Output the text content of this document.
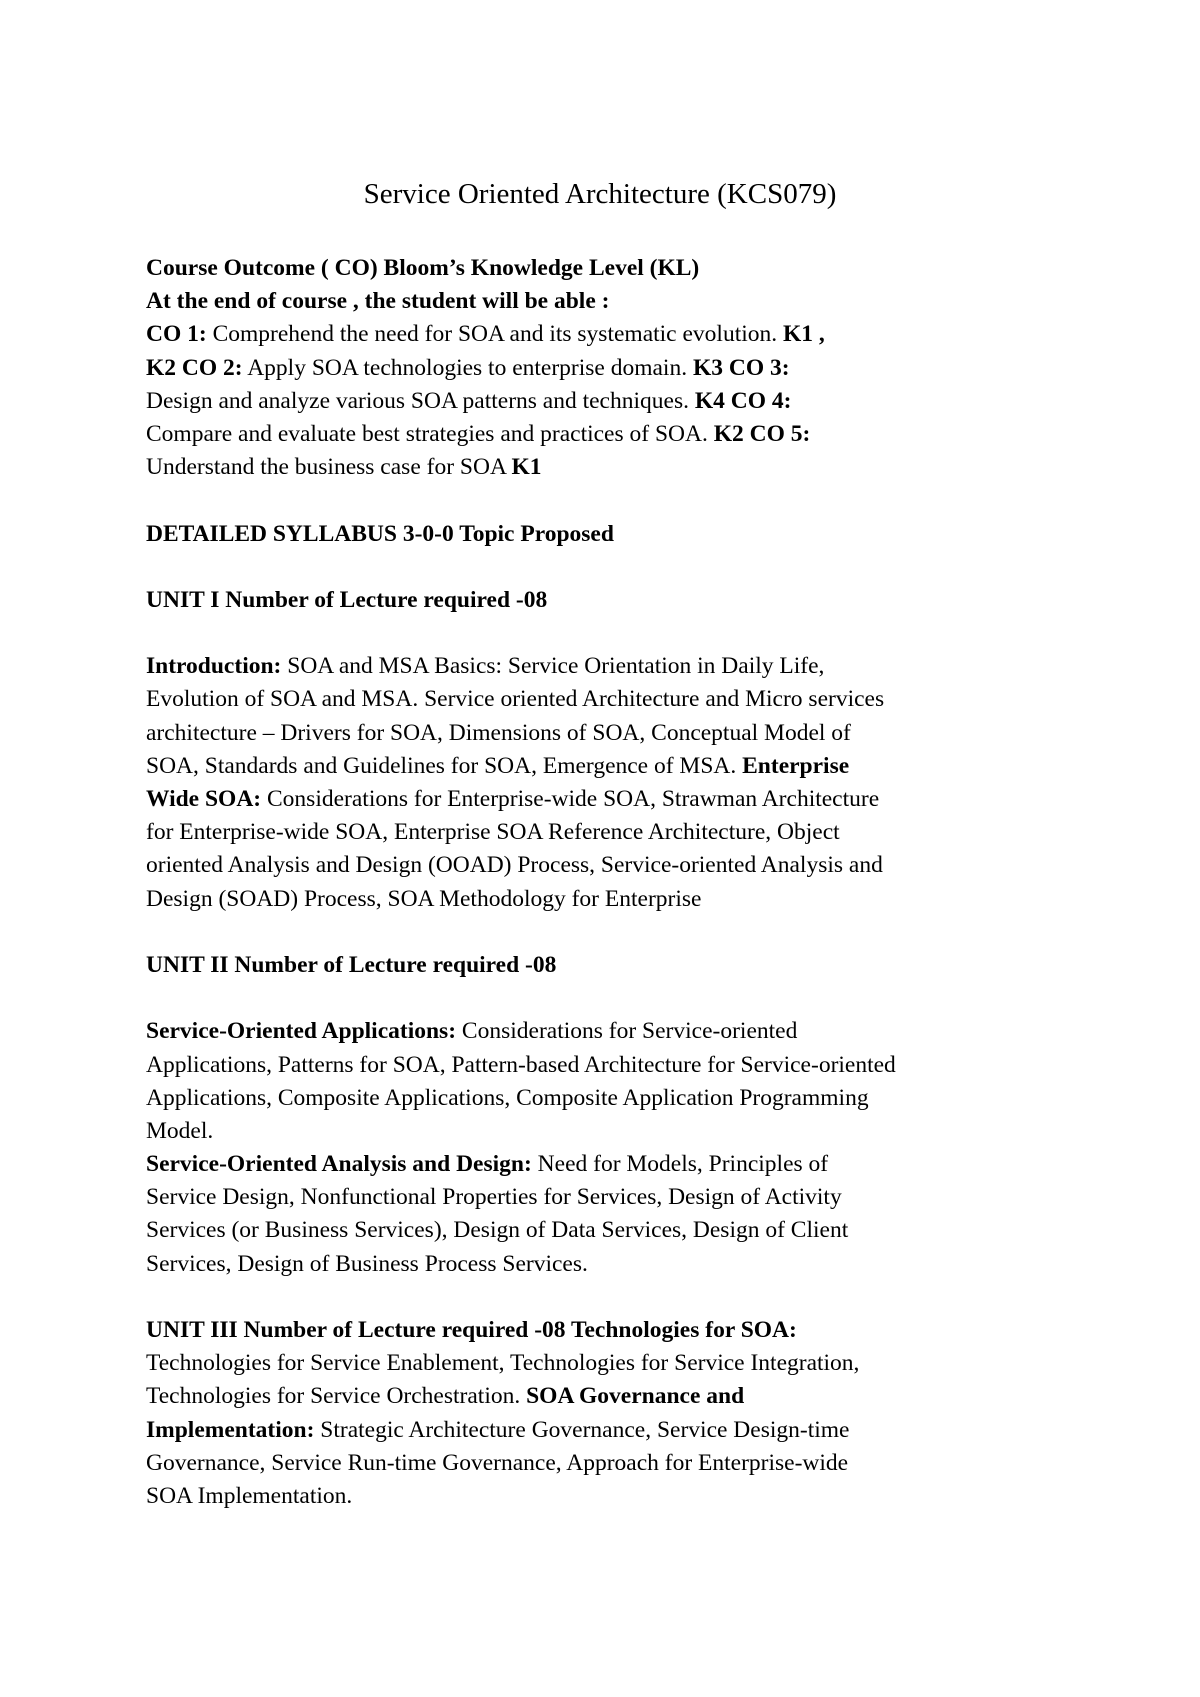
Service Oriented Architecture (KCS079)
Course Outcome ( CO) Bloom’s Knowledge Level (KL)
At the end of course , the student will be able :
CO 1: Comprehend the need for SOA and its systematic evolution. K1 ,
K2 CO 2: Apply SOA technologies to enterprise domain. K3 CO 3:
Design and analyze various SOA patterns and techniques. K4 CO 4:
Compare and evaluate best strategies and practices of SOA. K2 CO 5:
Understand the business case for SOA K1
DETAILED SYLLABUS 3-0-0 Topic Proposed
UNIT I Number of Lecture required -08
Introduction: SOA and MSA Basics: Service Orientation in Daily Life,
Evolution of SOA and MSA. Service oriented Architecture and Micro services
architecture – Drivers for SOA, Dimensions of SOA, Conceptual Model of
SOA, Standards and Guidelines for SOA, Emergence of MSA. Enterprise
Wide SOA: Considerations for Enterprise-wide SOA, Strawman Architecture
for Enterprise-wide SOA, Enterprise SOA Reference Architecture, Object
oriented Analysis and Design (OOAD) Process, Service-oriented Analysis and
Design (SOAD) Process, SOA Methodology for Enterprise
UNIT II Number of Lecture required -08
Service-Oriented Applications: Considerations for Service-oriented
Applications, Patterns for SOA, Pattern-based Architecture for Service-oriented
Applications, Composite Applications, Composite Application Programming
Model.
Service-Oriented Analysis and Design: Need for Models, Principles of
Service Design, Nonfunctional Properties for Services, Design of Activity
Services (or Business Services), Design of Data Services, Design of Client
Services, Design of Business Process Services.
UNIT III Number of Lecture required -08 Technologies for SOA:
Technologies for Service Enablement, Technologies for Service Integration,
Technologies for Service Orchestration. SOA Governance and
Implementation: Strategic Architecture Governance, Service Design-time
Governance, Service Run-time Governance, Approach for Enterprise-wide
SOA Implementation.
